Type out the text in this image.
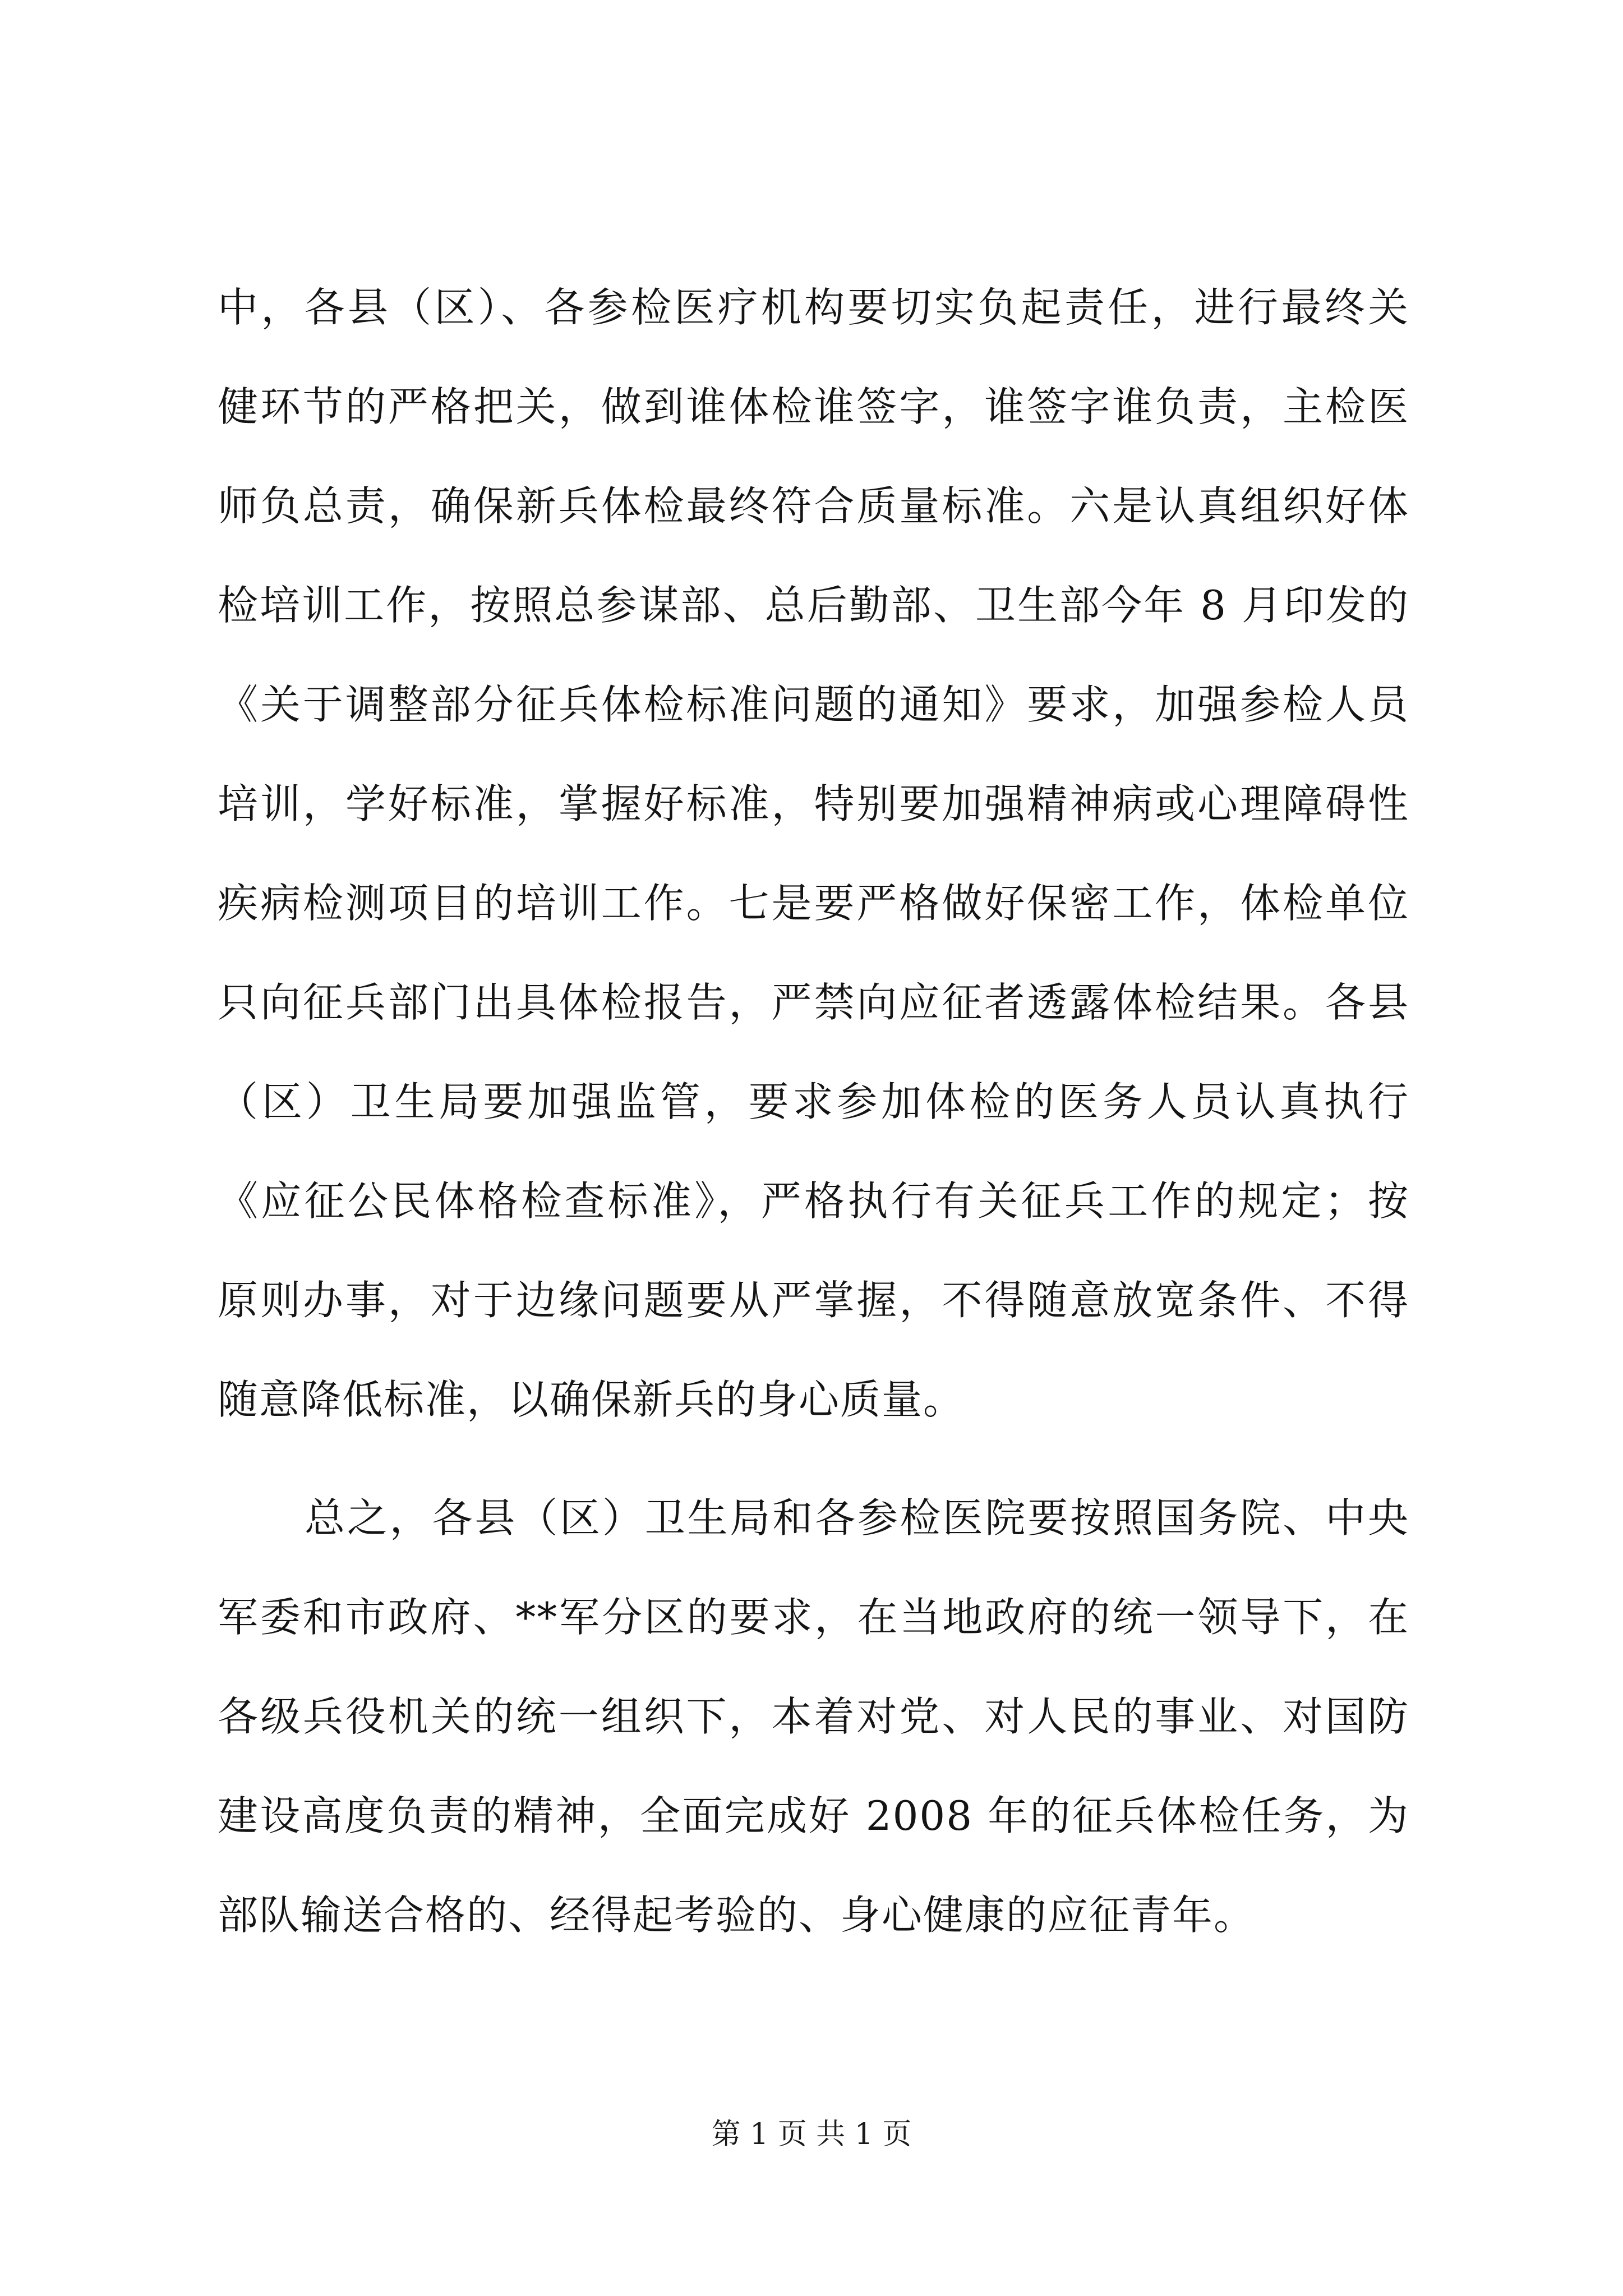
中，各县（区）、各参检医疗机构要切实负起责任，进行最终关
健环节的严格把关，做到谁体检谁签字，谁签字谁负责，主检医
师负总责，确保新兵体检最终符合质量标准。六是认真组织好体
检培训工作，按照总参谋部、总后勤部、卫生部今年 8 月印发的
《关于调整部分征兵体检标准问题的通知》要求，加强参检人员
培训，学好标准，掌握好标准，特别要加强精神病或心理障碍性
疾病检测项目的培训工作。七是要严格做好保密工作，体检单位
只向征兵部门出具体检报告，严禁向应征者透露体检结果。各县
（区）卫生局要加强监管，要求参加体检的医务人员认真执行
《应征公民体格检查标准》，严格执行有关征兵工作的规定；按
原则办事，对于边缘问题要从严掌握，不得随意放宽条件、不得
随意降低标准，以确保新兵的身心质量。
总之，各县（区）卫生局和各参检医院要按照国务院、中央
军委和市政府、**军分区的要求，在当地政府的统一领导下，在
各级兵役机关的统一组织下，本着对党、对人民的事业、对国防
建设高度负责的精神，全面完成好 2008 年的征兵体检任务，为
部队输送合格的、经得起考验的、身心健康的应征青年。
第 1 页 共 1 页
